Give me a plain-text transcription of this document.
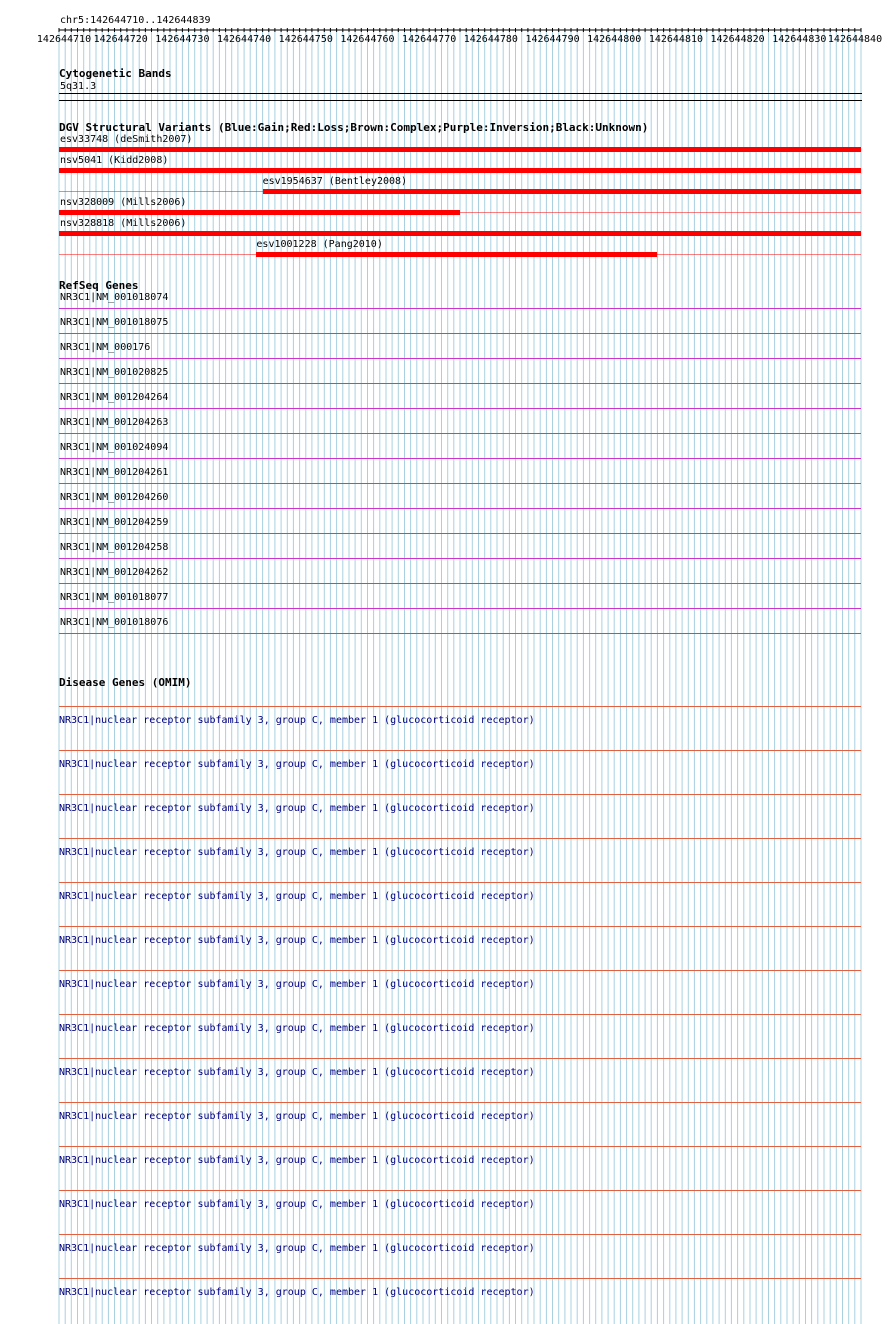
chr5:142644710..142644839
142644710 142644720 142644730 142644740 142644750 142644760 142644770 142644780 142644790 142644800 142644810 142644820 142644830 142644840
Cytogenetic Bands
5q31.3
DGV Structural Variants (Blue:Gain;Red:Loss;Brown:Complex;Purple:Inversion;Black:Unknown)
esv33748 (deSmith2007)
nsv5041 (Kidd2008)
esv1954637 (Bentley2008)
nsv328009 (Mills2006)
nsv328818 (Mills2006)
esv1001228 (Pang2010)
RefSeq Genes
NR3C1|NM_001018074
NR3C1|NM_001018075
NR3C1|NM_000176
NR3C1|NM_001020825
NR3C1|NM_001204264
NR3C1|NM_001204263
NR3C1|NM_001024094
NR3C1|NM_001204261
NR3C1|NM_001204260
NR3C1|NM_001204259
NR3C1|NM_001204258
NR3C1|NM_001204262
NR3C1|NM_001018077
NR3C1|NM_001018076
Disease Genes (OMIM)
NR3C1|nuclear receptor subfamily 3, group C, member 1 (glucocorticoid receptor)
NR3C1|nuclear receptor subfamily 3, group C, member 1 (glucocorticoid receptor)
NR3C1|nuclear receptor subfamily 3, group C, member 1 (glucocorticoid receptor)
NR3C1|nuclear receptor subfamily 3, group C, member 1 (glucocorticoid receptor)
NR3C1|nuclear receptor subfamily 3, group C, member 1 (glucocorticoid receptor)
NR3C1|nuclear receptor subfamily 3, group C, member 1 (glucocorticoid receptor)
NR3C1|nuclear receptor subfamily 3, group C, member 1 (glucocorticoid receptor)
NR3C1|nuclear receptor subfamily 3, group C, member 1 (glucocorticoid receptor)
NR3C1|nuclear receptor subfamily 3, group C, member 1 (glucocorticoid receptor)
NR3C1|nuclear receptor subfamily 3, group C, member 1 (glucocorticoid receptor)
NR3C1|nuclear receptor subfamily 3, group C, member 1 (glucocorticoid receptor)
NR3C1|nuclear receptor subfamily 3, group C, member 1 (glucocorticoid receptor)
NR3C1|nuclear receptor subfamily 3, group C, member 1 (glucocorticoid receptor)
NR3C1|nuclear receptor subfamily 3, group C, member 1 (glucocorticoid receptor)
